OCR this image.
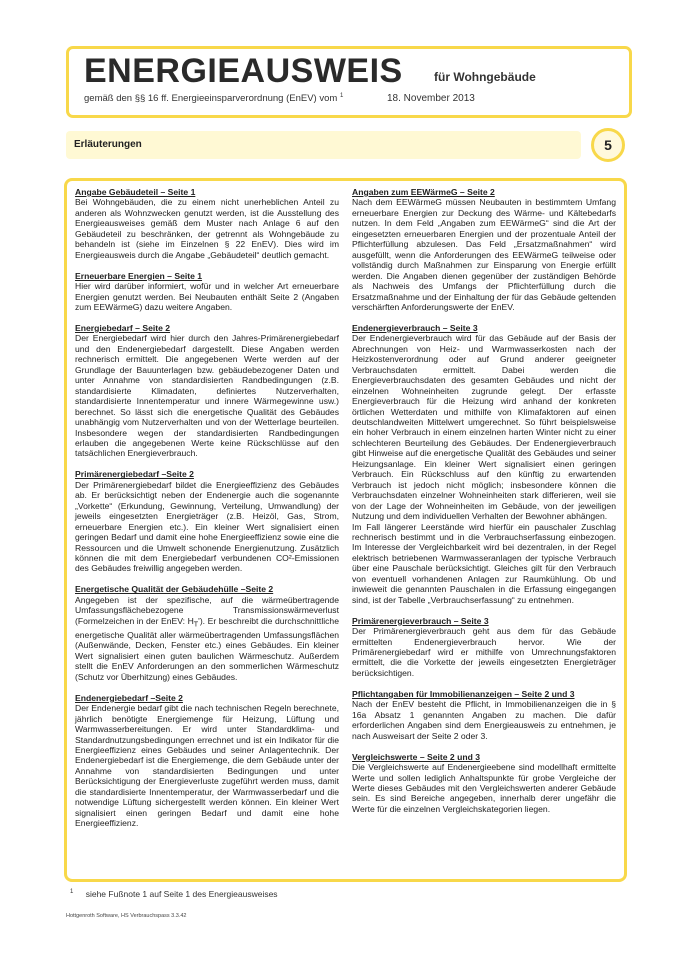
ENERGIEAUSWEIS	für Wohngebäude
gemäß den §§ 16 ff. Energieeinsparverordnung (EnEV) vom $^1$	18. November 2013
Erläuterungen	5
Angabe Gebäudeteil – Seite 1

Bei Wohngebäuden, die zu einem nicht unerheblichen Anteil zu anderen als Wohnzwecken genutzt werden, ist die Ausstellung des Energieausweises gemäß dem Muster nach Anlage 6 auf den Gebäudeteil zu beschränken, der getrennt als Wohngebäude zu behandeln ist (siehe im Einzelnen § 22 EnEV). Dies wird im Energieausweis durch die Angabe „Gebäudeteil“ deutlich gemacht.

Erneuerbare Energien – Seite 1

Hier wird darüber informiert, wofür und in welcher Art erneuerbare Energien genutzt werden. Bei Neubauten enthält Seite 2 (Angaben zum EEWärmeG) dazu weitere Angaben.

Energiebedarf – Seite 2

Der Energiebedarf wird hier durch den Jahres-Primärenergiebedarf und den Endenergiebedarf dargestellt. Diese Angaben werden rechnerisch ermittelt. Die angegebenen Werte werden auf der Grundlage der Bauunterlagen bzw. gebäudebezogener Daten und unter Annahme von standardisierten Randbedingungen (z.B. standardisierte Klimadaten, definiertes Nutzerverhalten, standardisierte Innentemperatur und innere Wärmegewinne usw.) berechnet. So lässt sich die energetische Qualität des Gebäudes unabhängig vom Nutzerverhalten und von der Wetterlage beurteilen. Insbesondere wegen der standardisierten Randbedingungen erlauben die angegebenen Werte keine Rückschlüsse auf den tatsächlichen Energieverbrauch.

Primärenergiebedarf –Seite 2

Der Primärenergiebedarf bildet die Energieeffizienz des Gebäudes ab. Er berücksichtigt neben der Endenergie auch die sogenannte „Vorkette“ (Erkundung, Gewinnung, Verteilung, Umwandlung) der jeweils eingesetzten Energieträger (z.B. Heizöl, Gas, Strom, erneuerbare Energien etc.). Ein kleiner Wert signalisiert einen geringen Bedarf und damit eine hohe Energieeffizienz sowie eine die Ressourcen und die Umwelt schonende Energienutzung. Zusätzlich können die mit dem Energiebedarf verbundenen CO²-Emissionen des Gebäudes freiwillig angegeben werden.

Energetische Qualität der Gebäudehülle –Seite 2

Angegeben ist der spezifische, auf die wärmeübertragende Umfassungsflächebezogene Transmissionswärmeverlust (Formelzeichen in der EnEV: $H_T'$). Er beschreibt die durchschnittliche energetische Qualität aller wärmeübertragenden Umfassungsflächen (Außenwände, Decken, Fenster etc.) eines Gebäudes. Ein kleiner Wert signalisiert einen guten baulichen Wärmeschutz. Außerdem stellt die EnEV Anforderungen an den sommerlichen Wärmeschutz (Schutz vor Überhitzung) eines Gebäudes.

Endenergiebedarf –Seite 2

Der Endenergie bedarf gibt die nach technischen Regeln berechnete, jährlich benötigte Energiemenge für Heizung, Lüftung und Warmwasserbereitungen. Er wird unter Standardklima- und Standardnutzungsbedingungen errechnet und ist ein Indikator für die Energieeffizienz eines Gebäudes und seiner Anlagentechnik. Der Endenergiebedarf ist die Energiemenge, die dem Gebäude unter der Annahme von standardisierten Bedingungen und unter Berücksichtigung der Energieverluste zugeführt werden muss, damit die standardisierte Innentemperatur, der Warmwasserbedarf und die notwendige Lüftung sichergestellt werden können. Ein kleiner Wert signalisiert einen geringen Bedarf und damit eine hohe Energieeffizienz.

Angaben zum EEWärmeG – Seite 2

Nach dem EEWärmeG müssen Neubauten in bestimmtem Umfang erneuerbare Energien zur Deckung des Wärme- und Kältebedarfs nutzen. In dem Feld „Angaben zum EEWärmeG“ sind die Art der eingesetzten erneuerbaren Energien und der prozentuale Anteil der Pflichterfüllung abzulesen. Das Feld „Ersatzmaßnahmen“ wird ausgefüllt, wenn die Anforderungen des EEWärmeG teilweise oder vollständig durch Maßnahmen zur Einsparung von Energie erfüllt werden. Die Angaben dienen gegenüber der zuständigen Behörde als Nachweis des Umfangs der Pflichterfüllung durch die Ersatzmaßnahme und der Einhaltung der für das Gebäude geltenden verschärften Anforderungswerte der EnEV.

Endenergieverbrauch – Seite 3

Der Endenergieverbrauch wird für das Gebäude auf der Basis der Abrechnungen von Heiz- und Warmwasserkosten nach der Heizkostenverordnung oder auf Grund anderer geeigneter Verbrauchsdaten ermittelt. Dabei werden die Energieverbrauchsdaten des gesamten Gebäudes und nicht der einzelnen Wohneinheiten zugrunde gelegt. Der erfasste Energieverbrauch für die Heizung wird anhand der konkreten örtlichen Wetterdaten und mithilfe von Klimafaktoren auf einen deutschlandweiten Mittelwert umgerechnet. So führt beispielsweise ein hoher Verbrauch in einem einzelnen harten Winter nicht zu einer schlechteren Beurteilung des Gebäudes. Der Endenergieverbrauch gibt Hinweise auf die energetische Qualität des Gebäudes und seiner Heizungsanlage. Ein kleiner Wert signalisiert einen geringen Verbrauch. Ein Rückschluss auf den künftig zu erwartenden Verbrauch ist jedoch nicht möglich; insbesondere können die Verbrauchsdaten einzelner Wohneinheiten stark differieren, weil sie von der Lage der Wohneinheiten im Gebäude, von der jeweiligen Nutzung und dem individuellen Verhalten der Bewohner abhängen.

Im Fall längerer Leerstände wird hierfür ein pauschaler Zuschlag rechnerisch bestimmt und in die Verbrauchserfassung einbezogen. Im Interesse der Vergleichbarkeit wird bei dezentralen, in der Regel elektrisch betriebenen Warmwasseranlagen der typische Verbrauch über eine Pauschale berücksichtigt. Gleiches gilt für den Verbrauch von eventuell vorhandenen Anlagen zur Raumkühlung. Ob und inwieweit die genannten Pauschalen in die Erfassung eingegangen sind, ist der Tabelle „Verbrauchserfassung“ zu entnehmen.

Primärenergieverbrauch – Seite 3

Der Primärenergieverbrauch geht aus dem für das Gebäude ermittelten Endenergieverbrauch hervor. Wie der Primärenergiebedarf wird er mithilfe von Umrechnungsfaktoren ermittelt, die die Vorkette der jeweils eingesetzten Energieträger berücksichtigen.

Pflichtangaben für Immobilienanzeigen – Seite 2 und 3

Nach der EnEV besteht die Pflicht, in Immobilienanzeigen die in § 16a Absatz 1 genannten Angaben zu machen. Die dafür erforderlichen Angaben sind dem Energieausweis zu entnehmen, je nach Ausweisart der Seite 2 oder 3.

Vergleichswerte – Seite 2 und 3

Die Vergleichswerte auf Endenergieebene sind modellhaft ermittelte Werte und sollen lediglich Anhaltspunkte für grobe Vergleiche der Werte dieses Gebäudes mit den Vergleichswerten anderer Gebäude sein. Es sind Bereiche angegeben, innerhalb derer ungefähr die Werte für die einzelnen Vergleichskategorien liegen.

$^1$ siehe Fußnote 1 auf Seite 1 des Energieausweises
Hottgenroth Software, HS Verbrauchspass 3.3.42
